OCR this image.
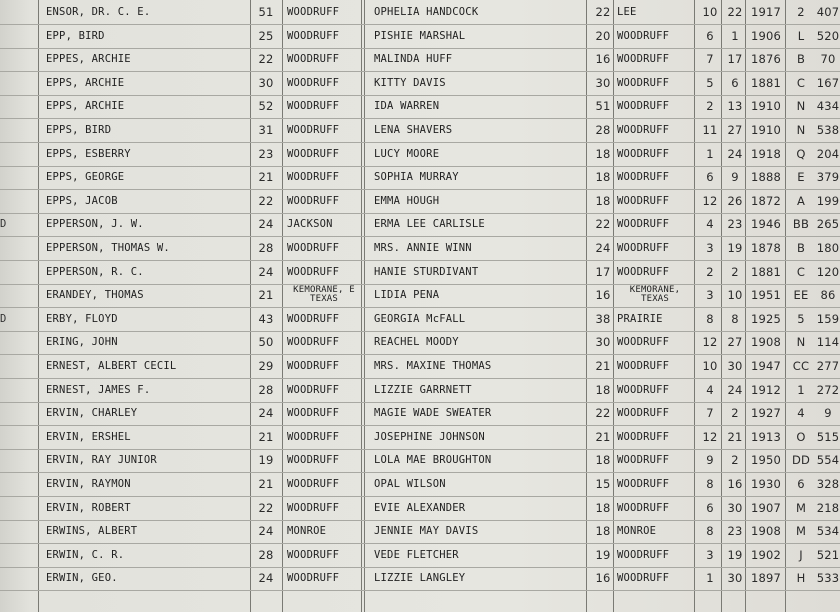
ENSOR, DR. C. E.	51	WOODRUFF	OPHELIA HANDCOCK	22 LEE	10 22 1917	2	407
EPP, BIRD	25	WOODRUFF	PISHIE MARSHAL	20 WOODRUFF	6	1	1906	L	520
EPPES, ARCHIE	22	WOODRUFF	MALINDA HUFF	16 WOODRUFF	7	17 1876	B	70
EPPS, ARCHIE	30	WOODRUFF	KITTY DAVIS	30 WOODRUFF	5	6	1881	C	167
EPPS, ARCHIE	52	WOODRUFF	IDA WARREN	51 WOODRUFF	2	13 1910	N 434
EPPS, BIRD	31	WOODRUFF	LENA SHAVERS	28 WOODRUFF	11 27 1910	N 538
EPPS, ESBERRY	23	WOODRUFF	LUCY MOORE	18 WOODRUFF	1	24 1918	Q 204
EPPS, GEORGE	21	WOODRUFF	SOPHIA MURRAY	18 WOODRUFF	6	9	1888	E	379
EPPS, JACOB	22	WOODRUFF	EMMA HOUGH	18 WOODRUFF	12 26 1872	A	199
D	EPPERSON, J. W.	24	JACKSON	ERMA LEE CARLISLE	22 WOODRUFF	4	23 1946	BB 265
EPPERSON, THOMAS W.	28	WOODRUFF	MRS. ANNIE WINN	24 WOODRUFF	3	19 1878	B	180
EPPERSON, R. C.	24	WOODRUFF	HANIE STURDIVANT	17 WOODRUFF	2	2	1881	C	120
ERANDEY, THOMAS	21	KEMORANE, E TEXAS	LIDIA PENA	16	KEMORANE, TEXAS	3	10 1951	EE	86
D	ERBY, FLOYD	43	WOODRUFF	GEORGIA McFALL	38 PRAIRIE	8	8	1925	5	159
ERING, JOHN	50	WOODRUFF	REACHEL MOODY	30 WOODRUFF	12 27 1908	N 114
ERNEST, ALBERT CECIL	29	WOODRUFF	MRS. MAXINE THOMAS	21 WOODRUFF	10 30 1947	CC 277
ERNEST, JAMES F.	28	WOODRUFF	LIZZIE GARRNETT	18 WOODRUFF	4	24 1912	1	272
ERVIN, CHARLEY	24	WOODRUFF	MAGIE WADE SWEATER	22 WOODRUFF	7	2	1927	4	9
ERVIN, ERSHEL	21	WOODRUFF	JOSEPHINE JOHNSON	21 WOODRUFF	12 21 1913	O 515
ERVIN, RAY JUNIOR	19	WOODRUFF	LOLA MAE BROUGHTON	18 WOODRUFF	9	2	1950 DD 554
ERVIN, RAYMON	21	WOODRUFF	OPAL WILSON	15 WOODRUFF	8	16 1930	6	328
ERVIN, ROBERT	22	WOODRUFF	EVIE ALEXANDER	18 WOODRUFF	6	30 1907	M 218
ERWINS, ALBERT	24	MONROE	JENNIE MAY DAVIS	18 MONROE	8	23 1908	M 534
ERWIN, C. R.	28	WOODRUFF	VEDE FLETCHER	19 WOODRUFF	3	19 1902	J	521
ERWIN, GEO.	24	WOODRUFF	LIZZIE LANGLEY	16 WOODRUFF	1	30 1897	H 533
